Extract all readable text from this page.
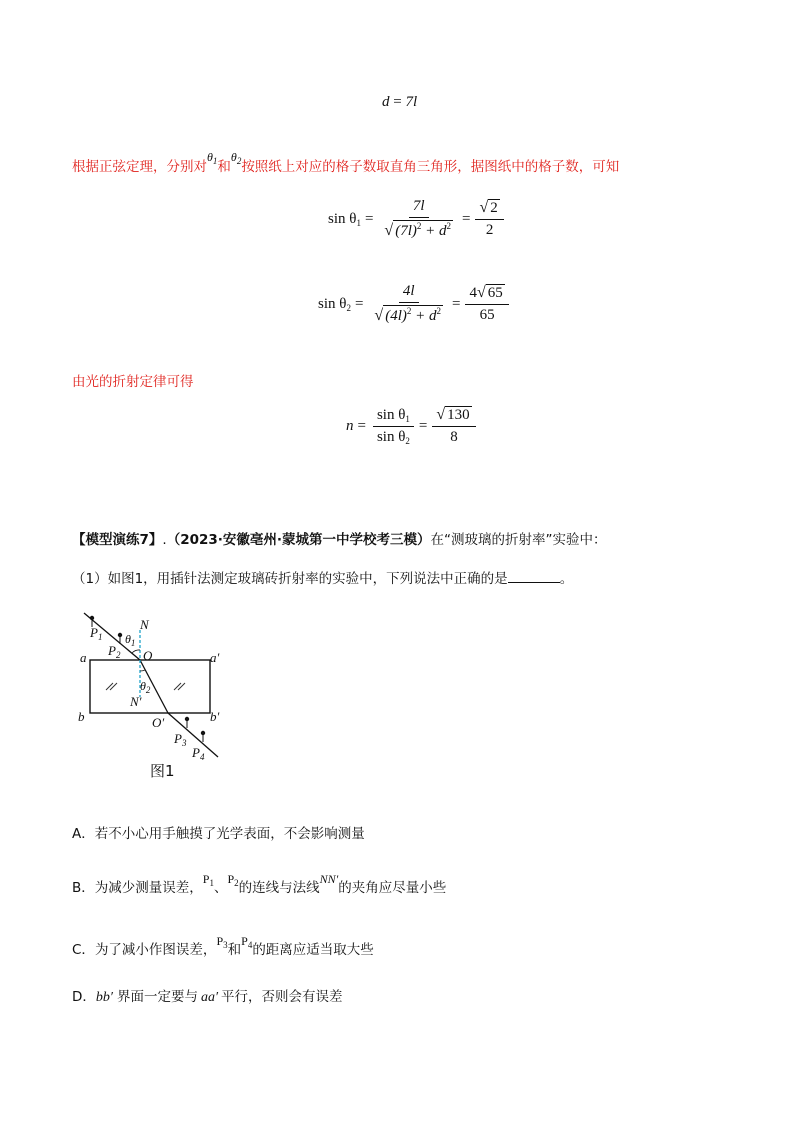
d = 7l
根据正弦定理，分别对$\theta_1$和$\theta_2$按照纸上对应的格子数取直角三角形，据图纸中的格子数，可知
$\sin \theta_1 = \frac{7l}{√ (7l)^2 + d^2} = \frac{√ 2}{2}$
$\sin \theta_2 = \frac{4l}{√ (4l)^2 + d^2} = \frac{4√ 65}{65}$
由光的折射定律可得
$n = \frac{\sin \theta_1}{\sin \theta_2} = \frac{√ 130}{8}$
【模型演练7】.（2023·安徽亳州·蒙城第一中学校考三模）在“测玻璃的折射率”实验中：
（1）如图1，用插针法测定玻璃砖折射率的实验中，下列说法中正确的是	。
$P_1$
$P_2$
N
$\theta_1$
O
a	a′
$\theta_2$
N′
b	b′
O′
$P_3$
$P_4$
图1
A．若不小心用手触摸了光学表面，不会影响测量
B．为减少测量误差，$P_1$、$P_2$的连线与法线NN′的夹角应尽量小些
C．为了减小作图误差，$P_3$和$P_4$的距离应适当取大些
D．bb′ 界面一定要与 aa′ 平行，否则会有误差
